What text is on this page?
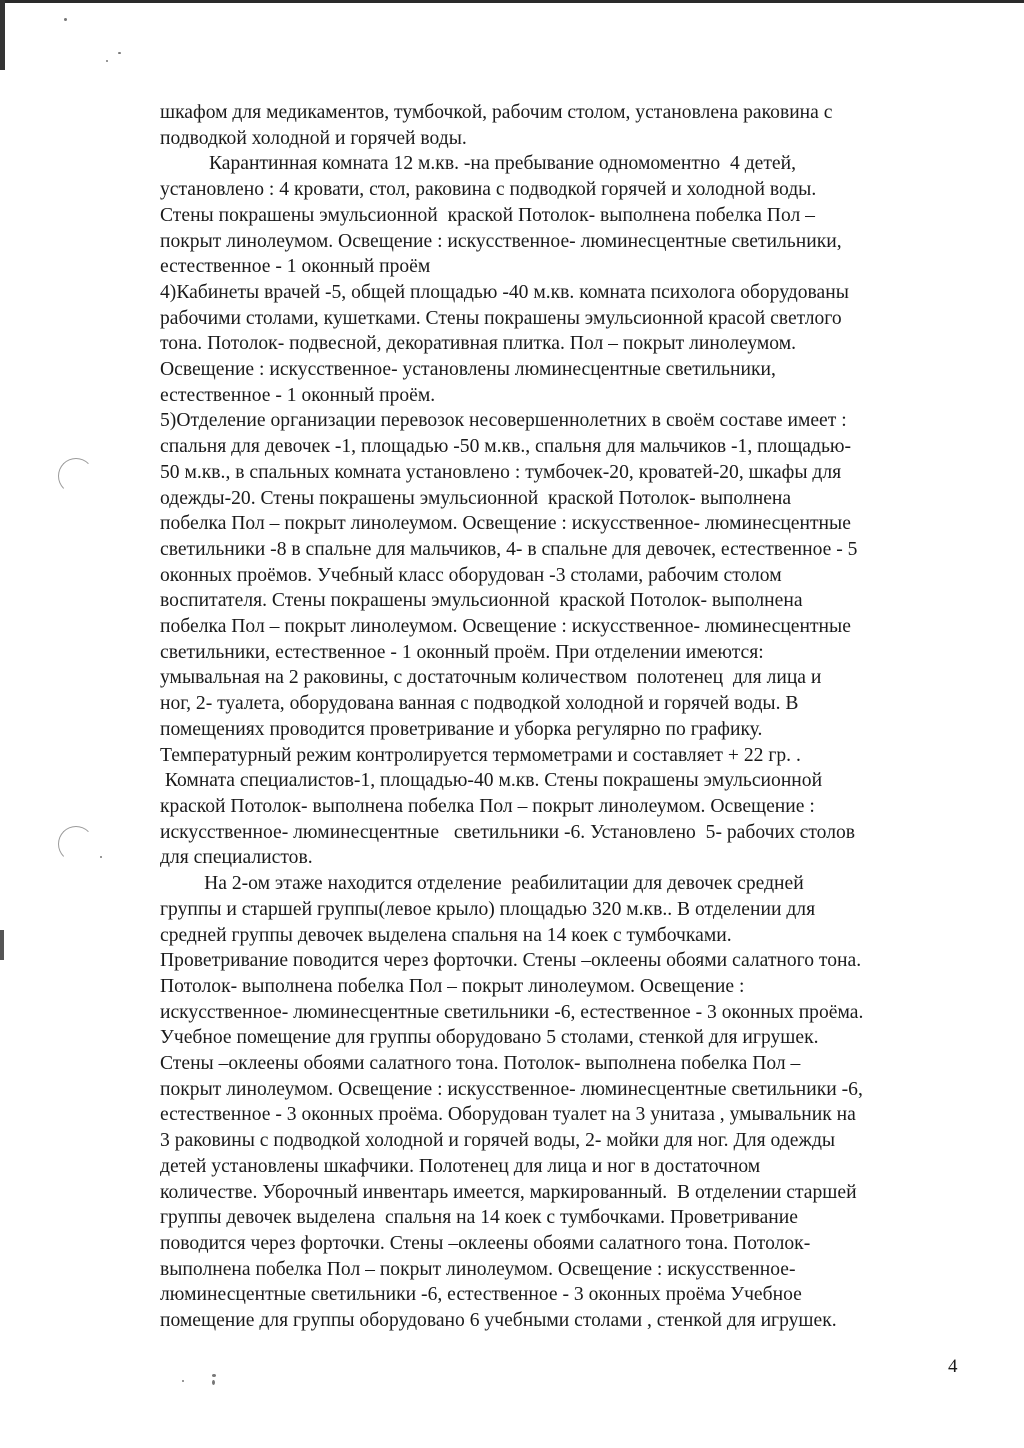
шкафом для медикаментов, тумбочкой, рабочим столом, установлена раковина с
подводкой холодной и горячей воды.
Карантинная комната 12 м.кв. -на пребывание одномоментно  4 детей,
установлено : 4 кровати, стол, раковина с подводкой горячей и холодной воды.
Стены покрашены эмульсионной  краской Потолок- выполнена побелка Пол –
покрыт линолеумом. Освещение : искусственное- люминесцентные светильники,
естественное - 1 оконный проём
4)Кабинеты врачей -5, общей площадью -40 м.кв. комната психолога оборудованы
рабочими столами, кушетками. Стены покрашены эмульсионной красой светлого
тона. Потолок- подвесной, декоративная плитка. Пол – покрыт линолеумом.
Освещение : искусственное- установлены люминесцентные светильники,
естественное - 1 оконный проём.
5)Отделение организации перевозок несовершеннолетних в своём составе имеет :
спальня для девочек -1, площадью -50 м.кв., спальня для мальчиков -1, площадью-
50 м.кв., в спальных комната установлено : тумбочек-20, кроватей-20, шкафы для
одежды-20. Стены покрашены эмульсионной  краской Потолок- выполнена
побелка Пол – покрыт линолеумом. Освещение : искусственное- люминесцентные
светильники -8 в спальне для мальчиков, 4- в спальне для девочек, естественное - 5
оконных проёмов. Учебный класс оборудован -3 столами, рабочим столом
воспитателя. Стены покрашены эмульсионной  краской Потолок- выполнена
побелка Пол – покрыт линолеумом. Освещение : искусственное- люминесцентные
светильники, естественное - 1 оконный проём. При отделении имеются:
умывальная на 2 раковины, с достаточным количеством  полотенец  для лица и
ног, 2- туалета, оборудована ванная с подводкой холодной и горячей воды. В
помещениях проводится проветривание и уборка регулярно по графику.
Температурный режим контролируется термометрами и составляет + 22 гр. .
Комната специалистов-1, площадью-40 м.кв. Стены покрашены эмульсионной
краской Потолок- выполнена побелка Пол – покрыт линолеумом. Освещение :
искусственное- люминесцентные   светильники -6. Установлено  5- рабочих столов
для специалистов.
На 2-ом этаже находится отделение  реабилитации для девочек средней
группы и старшей группы(левое крыло) площадью 320 м.кв.. В отделении для
средней группы девочек выделена спальня на 14 коек с тумбочками.
Проветривание поводится через форточки. Стены –оклеены обоями салатного тона.
Потолок- выполнена побелка Пол – покрыт линолеумом. Освещение :
искусственное- люминесцентные светильники -6, естественное - 3 оконных проёма.
Учебное помещение для группы оборудовано 5 столами, стенкой для игрушек.
Стены –оклеены обоями салатного тона. Потолок- выполнена побелка Пол –
покрыт линолеумом. Освещение : искусственное- люминесцентные светильники -6,
естественное - 3 оконных проёма. Оборудован туалет на 3 унитаза , умывальник на
3 раковины с подводкой холодной и горячей воды, 2- мойки для ног. Для одежды
детей установлены шкафчики. Полотенец для лица и ног в достаточном
количестве. Уборочный инвентарь имеется, маркированный.  В отделении старшей
группы девочек выделена  спальня на 14 коек с тумбочками. Проветривание
поводится через форточки. Стены –оклеены обоями салатного тона. Потолок-
выполнена побелка Пол – покрыт линолеумом. Освещение : искусственное-
люминесцентные светильники -6, естественное - 3 оконных проёма Учебное
помещение для группы оборудовано 6 учебными столами , стенкой для игрушек.
4
